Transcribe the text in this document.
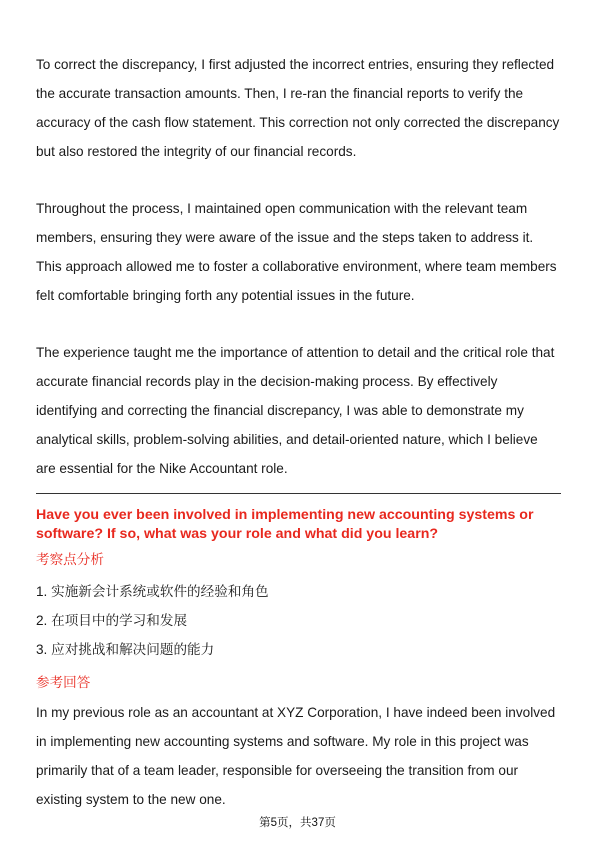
To correct the discrepancy, I first adjusted the incorrect entries, ensuring they reflected the accurate transaction amounts. Then, I re-ran the financial reports to verify the accuracy of the cash flow statement. This correction not only corrected the discrepancy but also restored the integrity of our financial records.

Throughout the process, I maintained open communication with the relevant team members, ensuring they were aware of the issue and the steps taken to address it. This approach allowed me to foster a collaborative environment, where team members felt comfortable bringing forth any potential issues in the future.

The experience taught me the importance of attention to detail and the critical role that accurate financial records play in the decision-making process. By effectively identifying and correcting the financial discrepancy, I was able to demonstrate my analytical skills, problem-solving abilities, and detail-oriented nature, which I believe are essential for the Nike Accountant role.

Have you ever been involved in implementing new accounting systems or software? If so, what was your role and what did you learn?

考察点分析

1. 实施新会计系统或软件的经验和角色
2. 在项目中的学习和发展
3. 应对挑战和解决问题的能力

参考回答

In my previous role as an accountant at XYZ Corporation, I have indeed been involved in implementing new accounting systems and software. My role in this project was primarily that of a team leader, responsible for overseeing the transition from our existing system to the new one.

第5页，共37页
